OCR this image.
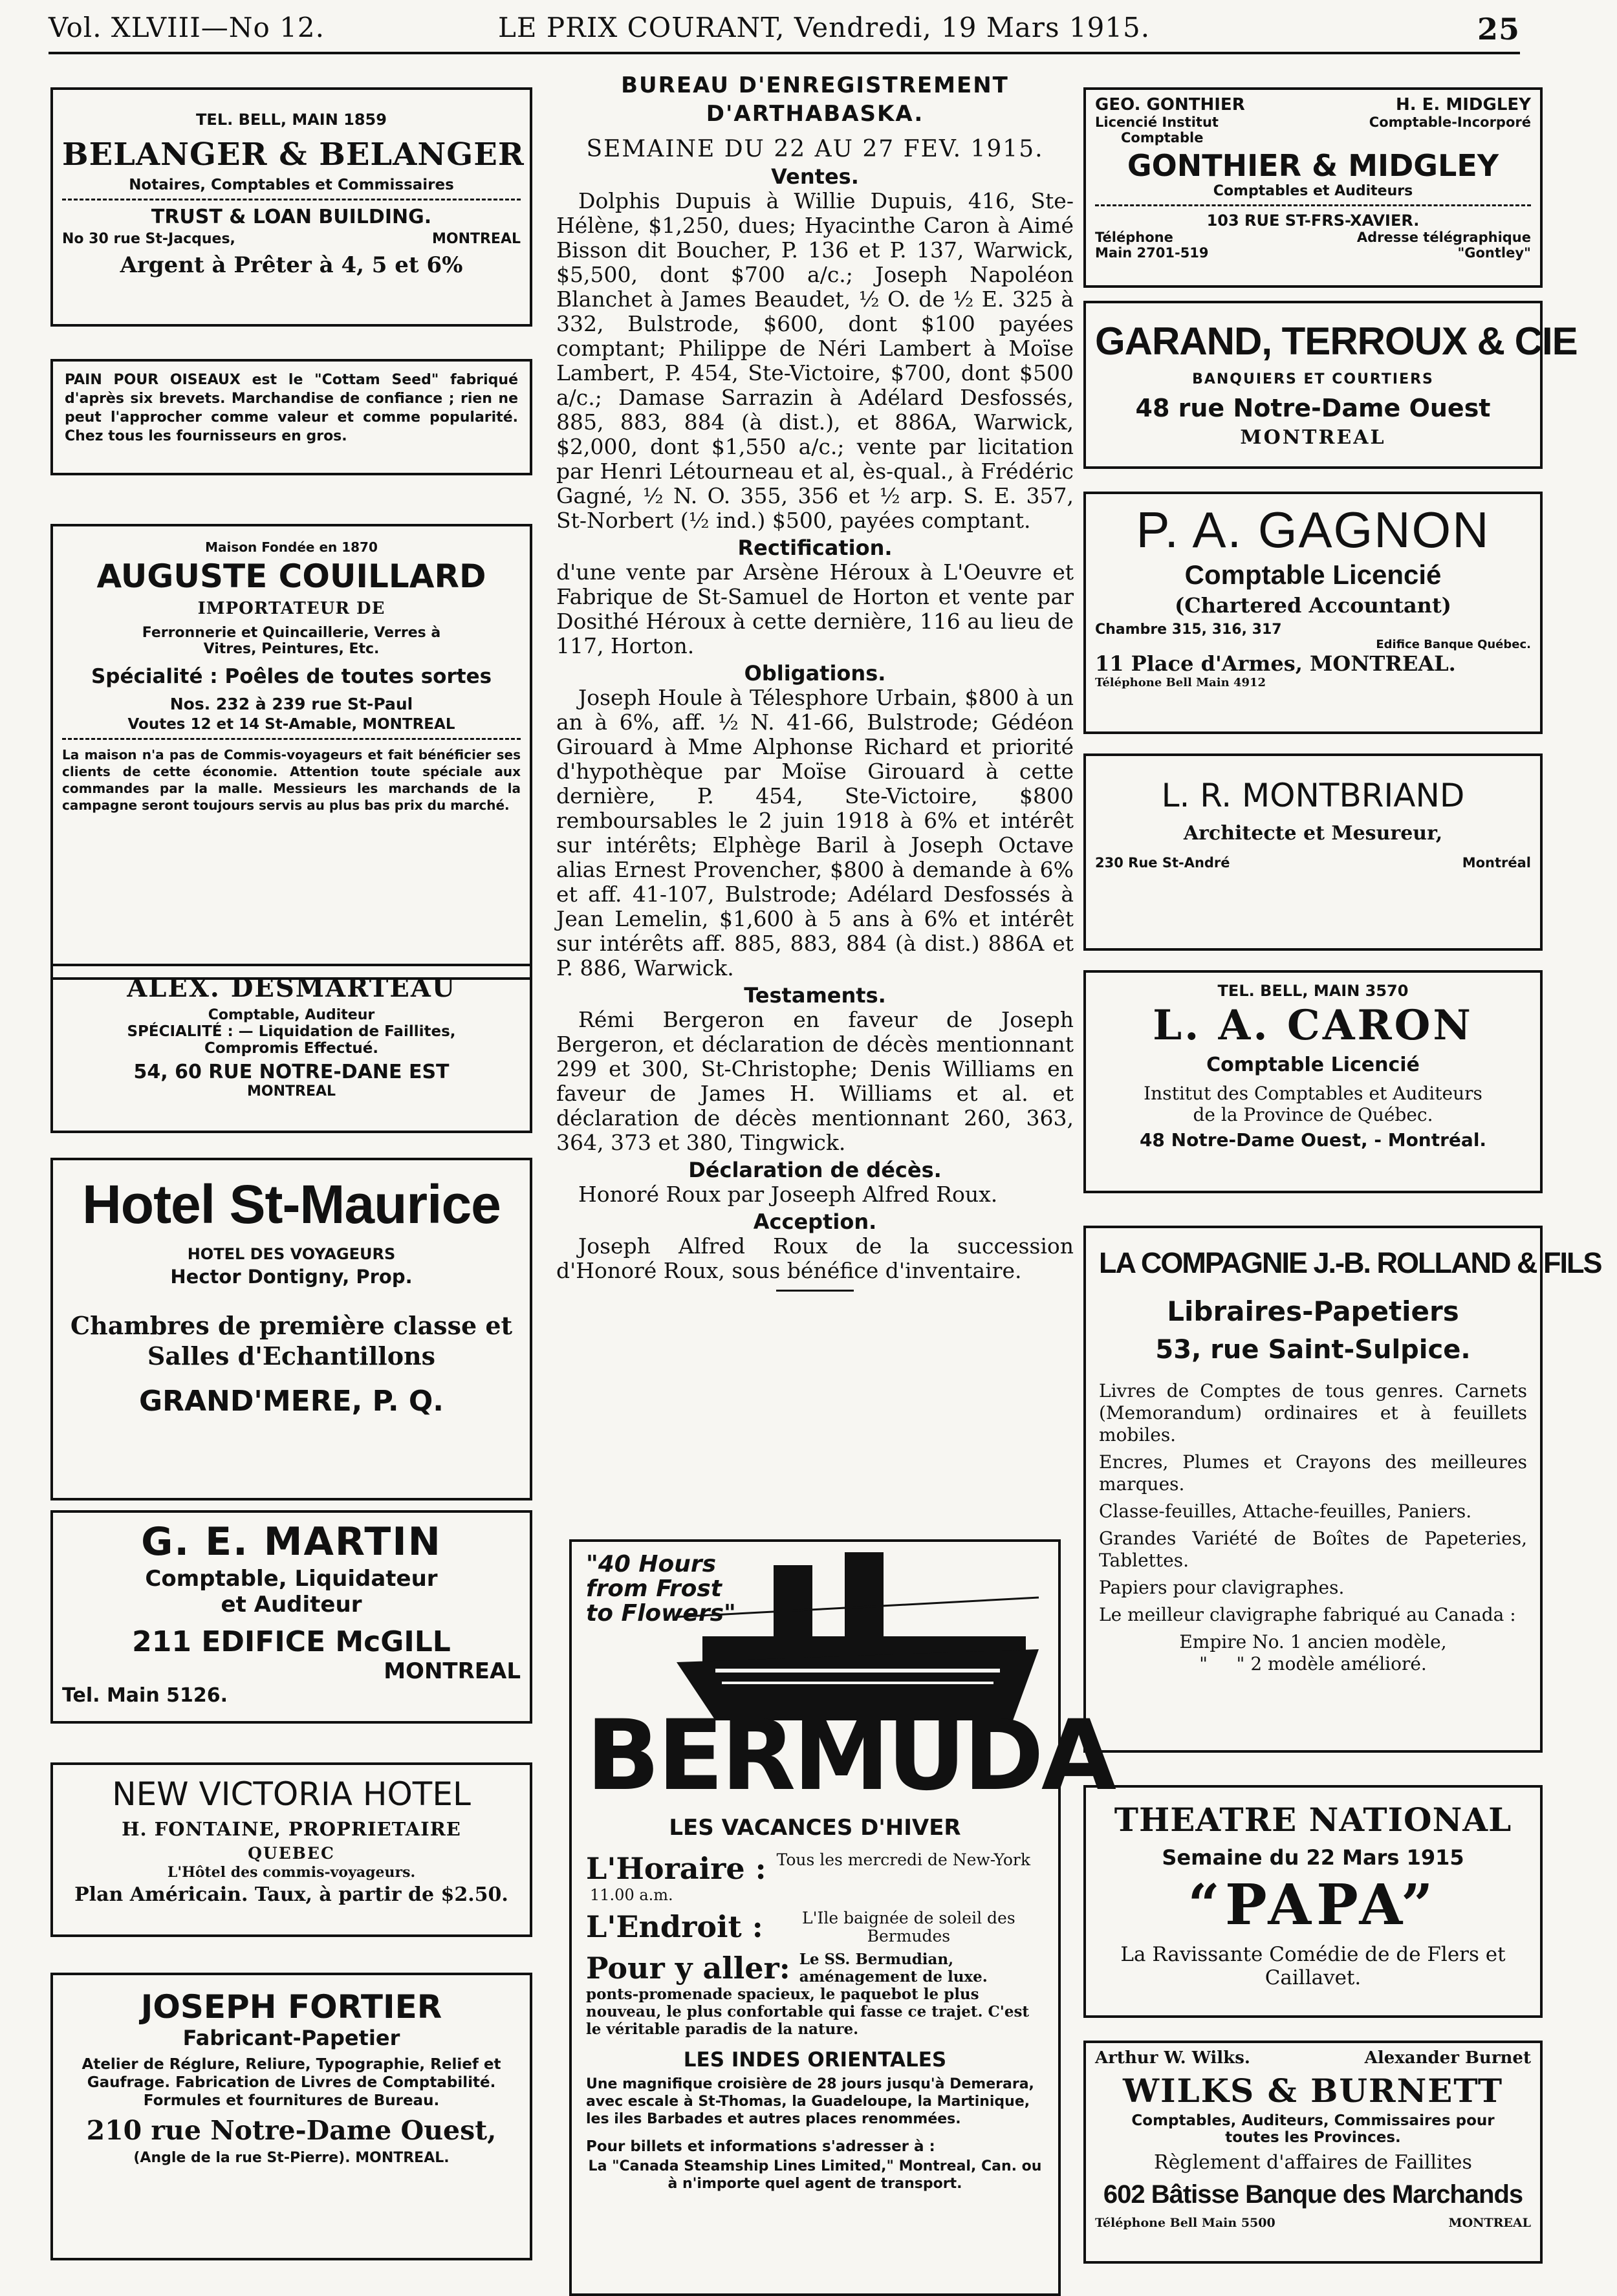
Vol. XLVIII—No 12.	LE PRIX COURANT, Vendredi, 19 Mars 1915.	25
TEL. BELL, MAIN 1859
BELANGER & BELANGER
Notaires, Comptables et Commissaires
TRUST & LOAN BUILDING.
No 30 rue St-Jacques,	MONTREAL
Argent à Prêter à 4, 5 et 6%
PAIN POUR OISEAUX est le "Cottam Seed" fabriqué d'après six brevets. Marchandise de confiance ; rien ne peut l'approcher comme valeur et comme popularité. Chez tous les fournisseurs en gros.
Maison Fondée en 1870
AUGUSTE COUILLARD
IMPORTATEUR DE
Ferronnerie et Quincaillerie, Verres à
Vitres, Peintures, Etc.
Spécialité : Poêles de toutes sortes
Nos. 232 à 239 rue St-Paul
Voutes 12 et 14 St-Amable, MONTREAL
La maison n'a pas de Commis-voyageurs et fait bénéficier ses clients de cette économie. Attention toute spéciale aux commandes par la malle. Messieurs les marchands de la campagne seront toujours servis au plus bas prix du marché.
ALEX. DESMARTEAU
Comptable, Auditeur
SPÉCIALITÉ : — Liquidation de Faillites,
Compromis Effectué.
54, 60 RUE NOTRE-DANE EST
MONTREAL
Hotel St-Maurice
HOTEL DES VOYAGEURS
Hector Dontigny, Prop.
Chambres de première classe et
Salles d'Echantillons
GRAND'MERE, P. Q.
G. E. MARTIN
Comptable, Liquidateur
et Auditeur
211 EDIFICE McGILL
MONTREAL
Tel. Main 5126.
NEW VICTORIA HOTEL
H. FONTAINE, PROPRIETAIRE
QUEBEC
L'Hôtel des commis-voyageurs.
Plan Américain. Taux, à partir de $2.50.
JOSEPH FORTIER
Fabricant-Papetier
Atelier de Réglure, Reliure, Typographie, Relief et Gaufrage. Fabrication de Livres de Comptabilité. Formules et fournitures de Bureau.
210 rue Notre-Dame Ouest,
(Angle de la rue St-Pierre). MONTREAL.
BUREAU D'ENREGISTREMENT
D'ARTHABASKA.
SEMAINE DU 22 AU 27 FEV. 1915.
Ventes.

Dolphis Dupuis à Willie Dupuis, 416, Ste-Hélène, $1,250, dues; Hyacinthe Caron à Aimé Bisson dit Boucher, P. 136 et P. 137, Warwick, $5,500, dont $700 a/c.; Joseph Napoléon Blanchet à James Beaudet, ½ O. de ½ E. 325 à 332, Bulstrode, $600, dont $100 payées comptant; Philippe de Néri Lambert à Moïse Lambert, P. 454, Ste-Victoire, $700, dont $500 a/c.; Damase Sarrazin à Adélard Desfossés, 885, 883, 884 (à dist.), et 886A, Warwick, $2,000, dont $1,550 a/c.; vente par licitation par Henri Létourneau et al, ès-qual., à Frédéric Gagné, ½ N. O. 355, 356 et ½ arp. S. E. 357, St-Norbert (½ ind.) $500, payées comptant.

Rectification.

d'une vente par Arsène Héroux à L'Oeuvre et Fabrique de St-Samuel de Horton et vente par Dosithé Héroux à cette dernière, 116 au lieu de 117, Horton.

Obligations.

Joseph Houle à Télesphore Urbain, $800 à un an à 6%, aff. ½ N. 41-66, Bulstrode; Gédéon Girouard à Mme Alphonse Richard et priorité d'hypothèque par Moïse Girouard à cette dernière, P. 454, Ste-Victoire, $800 remboursables le 2 juin 1918 à 6% et intérêt sur intérêts; Elphège Baril à Joseph Octave alias Ernest Provencher, $800 à demande à 6% et aff. 41-107, Bulstrode; Adélard Desfossés à Jean Lemelin, $1,600 à 5 ans à 6% et intérêt sur intérêts aff. 885, 883, 884 (à dist.) 886A et P. 886, Warwick.

Testaments.

Rémi Bergeron en faveur de Joseph Bergeron, et déclaration de décès mentionnant 299 et 300, St-Christophe; Denis Williams en faveur de James H. Williams et al. et déclaration de décès mentionnant 260, 363, 364, 373 et 380, Tingwick.

Déclaration de décès.

Honoré Roux par Joseeph Alfred Roux.

Acception.

Joseph Alfred Roux de la succession d'Honoré Roux, sous bénéfice d'inventaire.

"40 Hours from Frost to Flowers"
BERMUDA
LES VACANCES D'HIVER
L'Horaire : Tous les mercredi de New-York
11.00 a.m.
L'Endroit :	L'Ile baignée de soleil des Bermudes
Pour y aller: Le SS. Bermudian, aménagement de luxe. ponts-promenade spacieux, le paquebot le plus nouveau, le plus confortable qui fasse ce trajet. C'est le véritable paradis de la nature.
LES INDES ORIENTALES
Une magnifique croisière de 28 jours jusqu'à Demerara, avec escale à St-Thomas, la Guadeloupe, la Martinique, les iles Barbades et autres places renommées.
Pour billets et informations s'adresser à :
La "Canada Steamship Lines Limited," Montreal, Can. ou à n'importe quel agent de transport.
GEO. GONTHIER	H. E. MIDGLEY
Licencié Institut	Comptable-Incorporé
Comptable
GONTHIER & MIDGLEY
Comptables et Auditeurs
103 RUE ST-FRS-XAVIER.
Téléphone	Adresse télégraphique
Main 2701-519	"Gontley"
GARAND, TERROUX & CIE
BANQUIERS ET COURTIERS
48 rue Notre-Dame Ouest
MONTREAL
P. A. GAGNON
Comptable Licencié
(Chartered Accountant)
Chambre 315, 316, 317
Edifice Banque Québec.
11 Place d'Armes, MONTREAL.
Téléphone Bell Main 4912
L. R. MONTBRIAND
Architecte et Mesureur,
230 Rue St-André	Montréal
TEL. BELL, MAIN 3570
L. A. CARON
Comptable Licencié
Institut des Comptables et Auditeurs
de la Province de Québec.
48 Notre-Dame Ouest, - Montréal.
LA COMPAGNIE J.-B. ROLLAND & FILS
Libraires-Papetiers
53, rue Saint-Sulpice.
Livres de Comptes de tous genres. Carnets (Memorandum) ordinaires et à feuillets mobiles.
Encres, Plumes et Crayons des meilleures marques.
Classe-feuilles, Attache-feuilles, Paniers.
Grandes Variété de Boîtes de Papeteries, Tablettes.
Papiers pour clavigraphes.
Le meilleur clavigraphe fabriqué au Canada :
Empire No. 1 ancien modèle,
"     " 2 modèle amélioré.
THEATRE NATIONAL
Semaine du 22 Mars 1915
“PAPA”
La Ravissante Comédie de de Flers et
Caillavet.
Arthur W. Wilks.	Alexander Burnet
WILKS & BURNETT
Comptables, Auditeurs, Commissaires pour
toutes les Provinces.
Règlement d'affaires de Faillites
602 Bâtisse Banque des Marchands
Téléphone Bell Main 5500	MONTREAL
